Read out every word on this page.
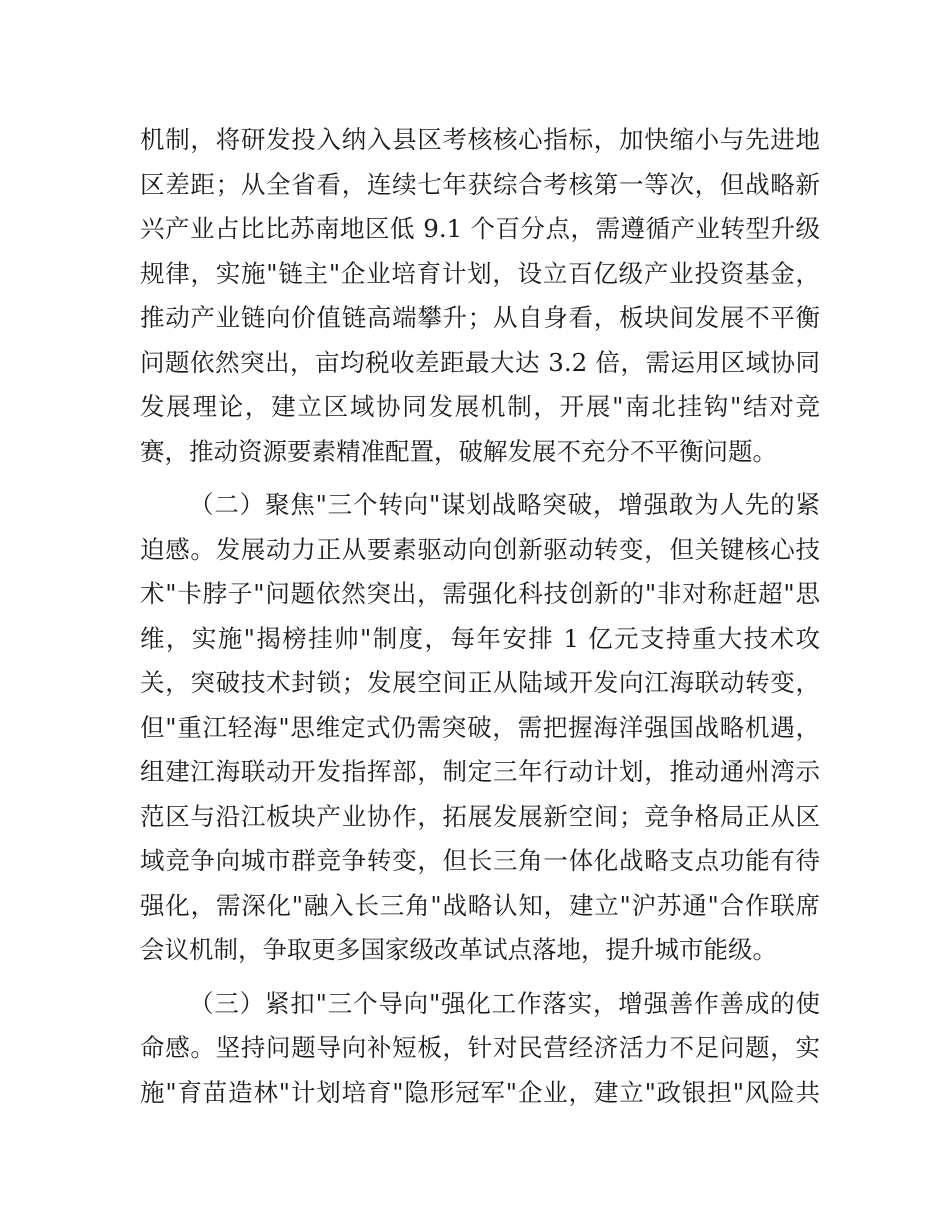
机制，将研发投入纳入县区考核核心指标，加快缩小与先进地
区差距；从全省看，连续七年获综合考核第一等次，但战略新
兴产业占比比苏南地区低 9.1 个百分点，需遵循产业转型升级
规律，实施"链主"企业培育计划，设立百亿级产业投资基金，
推动产业链向价值链高端攀升；从自身看，板块间发展不平衡
问题依然突出，亩均税收差距最大达 3.2 倍，需运用区域协同
发展理论，建立区域协同发展机制，开展"南北挂钩"结对竞
赛，推动资源要素精准配置，破解发展不充分不平衡问题。
（二）聚焦"三个转向"谋划战略突破，增强敢为人先的紧
迫感。发展动力正从要素驱动向创新驱动转变，但关键核心技
术"卡脖子"问题依然突出，需强化科技创新的"非对称赶超"思
维，实施"揭榜挂帅"制度，每年安排 1 亿元支持重大技术攻
关，突破技术封锁；发展空间正从陆域开发向江海联动转变，
但"重江轻海"思维定式仍需突破，需把握海洋强国战略机遇，
组建江海联动开发指挥部，制定三年行动计划，推动通州湾示
范区与沿江板块产业协作，拓展发展新空间；竞争格局正从区
域竞争向城市群竞争转变，但长三角一体化战略支点功能有待
强化，需深化"融入长三角"战略认知，建立"沪苏通"合作联席
会议机制，争取更多国家级改革试点落地，提升城市能级。
（三）紧扣"三个导向"强化工作落实，增强善作善成的使
命感。坚持问题导向补短板，针对民营经济活力不足问题，实
施"育苗造林"计划培育"隐形冠军"企业，建立"政银担"风险共
